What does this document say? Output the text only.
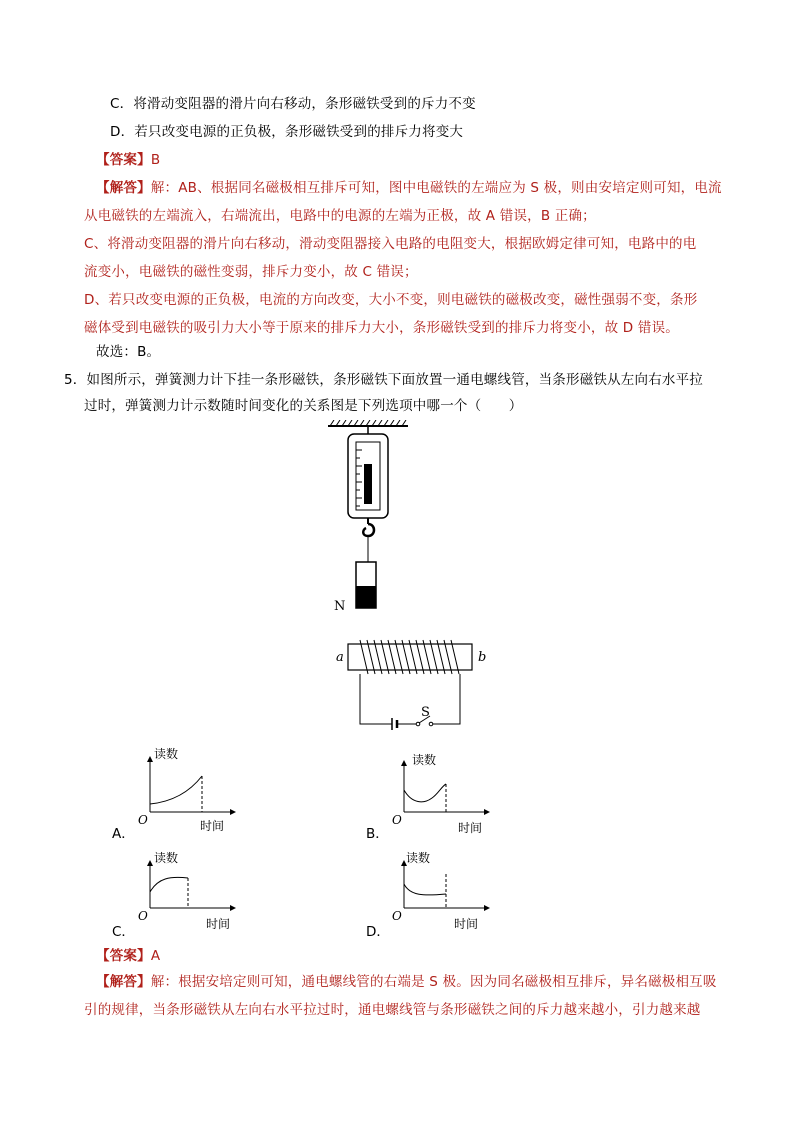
C．将滑动变阻器的滑片向右移动，条形磁铁受到的斥力不变
D．若只改变电源的正负极，条形磁铁受到的排斥力将变大
【答案】B
【解答】解：AB、根据同名磁极相互排斥可知，图中电磁铁的左端应为 S 极，则由安培定则可知，电流
从电磁铁的左端流入，右端流出，电路中的电源的左端为正极，故 A 错误，B 正确；
C、将滑动变阻器的滑片向右移动，滑动变阻器接入电路的电阻变大，根据欧姆定律可知，电路中的电
流变小，电磁铁的磁性变弱，排斥力变小，故 C 错误；
D、若只改变电源的正负极，电流的方向改变，大小不变，则电磁铁的磁极改变，磁性强弱不变，条形
磁体受到电磁铁的吸引力大小等于原来的排斥力大小，条形磁铁受到的排斥力将变小，故 D 错误。
故选：B。
5．如图所示，弹簧测力计下挂一条形磁铁，条形磁铁下面放置一通电螺线管，当条形磁铁从左向右水平拉
过时，弹簧测力计示数随时间变化的关系图是下列选项中哪一个（　　）
N
a	b
S
读数
O	时间
A．
读数
O
时间
B．
读数
O
时间
C．
读数
O
时间
D．
【答案】A
【解答】解：根据安培定则可知，通电螺线管的右端是 S 极。因为同名磁极相互排斥，异名磁极相互吸
引的规律，当条形磁铁从左向右水平拉过时，通电螺线管与条形磁铁之间的斥力越来越小，引力越来越
